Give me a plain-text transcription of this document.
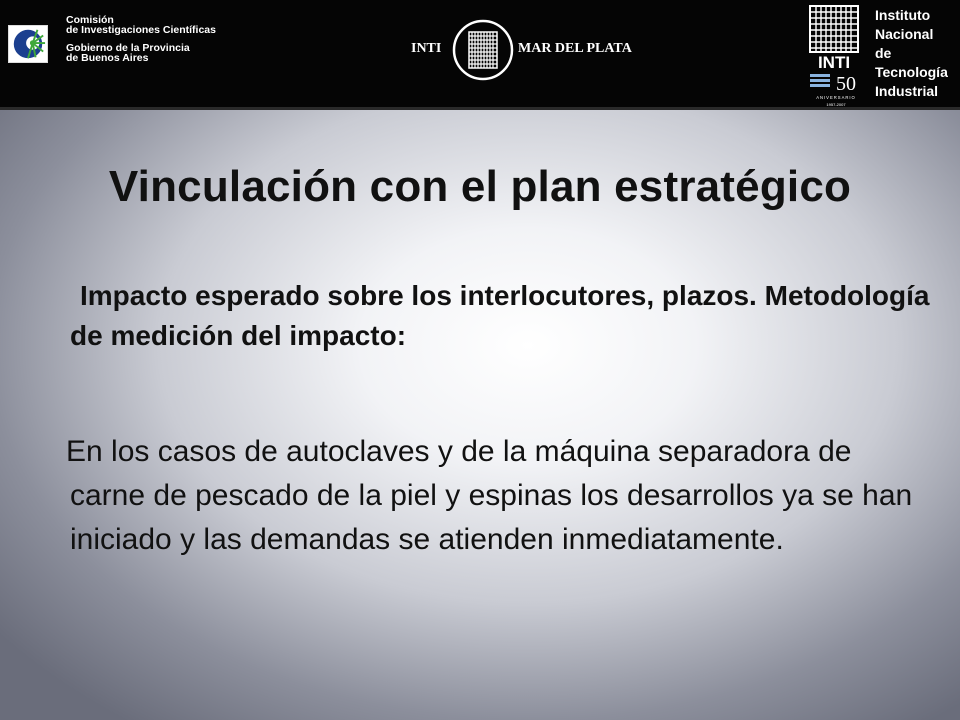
Comisión
de Investigaciones Científicas
Gobierno de la Provincia
de Buenos Aires
INTI	MAR DEL PLATA
INTI
50
ANIVERSARIO
1957-2007
Instituto
Nacional
de Tecnología
Industrial
Vinculación con el plan estratégico

Impacto esperado sobre los interlocutores, plazos. Metodología de medición del impacto:

En los casos de autoclaves y de la máquina separadora de carne de pescado de la piel y espinas los desarrollos ya se han iniciado y las demandas se atienden inmediatamente.
